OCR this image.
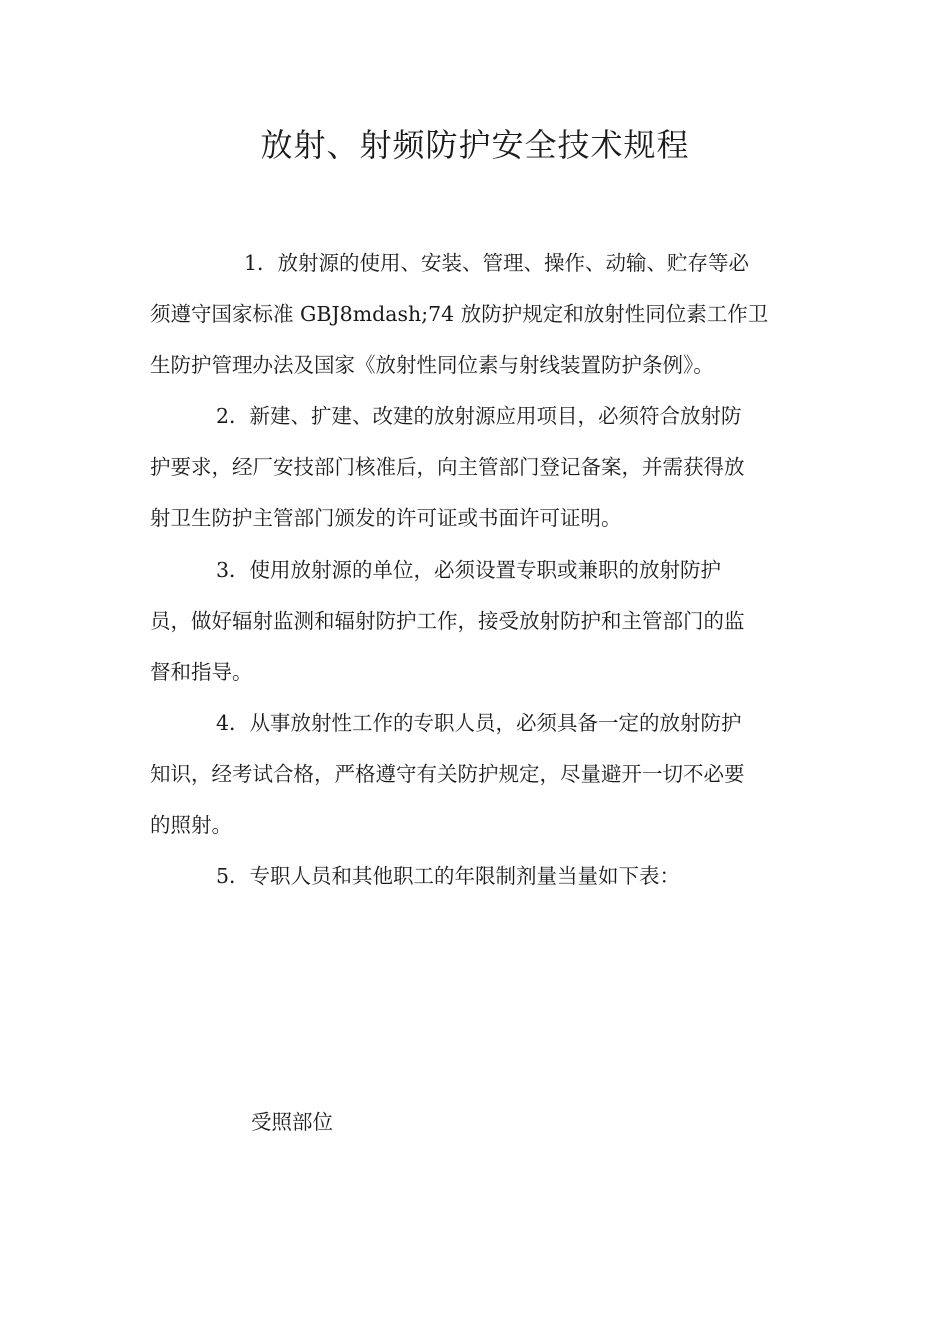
放射、射频防护安全技术规程
1．放射源的使用、安装、管理、操作、动输、贮存等必
须遵守国家标准 GBJ8mdash;74 放防护规定和放射性同位素工作卫
生防护管理办法及国家《放射性同位素与射线装置防护条例》。
2．新建、扩建、改建的放射源应用项目，必须符合放射防
护要求，经厂安技部门核准后，向主管部门登记备案，并需获得放
射卫生防护主管部门颁发的许可证或书面许可证明。
3．使用放射源的单位，必须设置专职或兼职的放射防护
员，做好辐射监测和辐射防护工作，接受放射防护和主管部门的监
督和指导。
4．从事放射性工作的专职人员，必须具备一定的放射防护
知识，经考试合格，严格遵守有关防护规定，尽量避开一切不必要
的照射。
5．专职人员和其他职工的年限制剂量当量如下表：
受照部位
